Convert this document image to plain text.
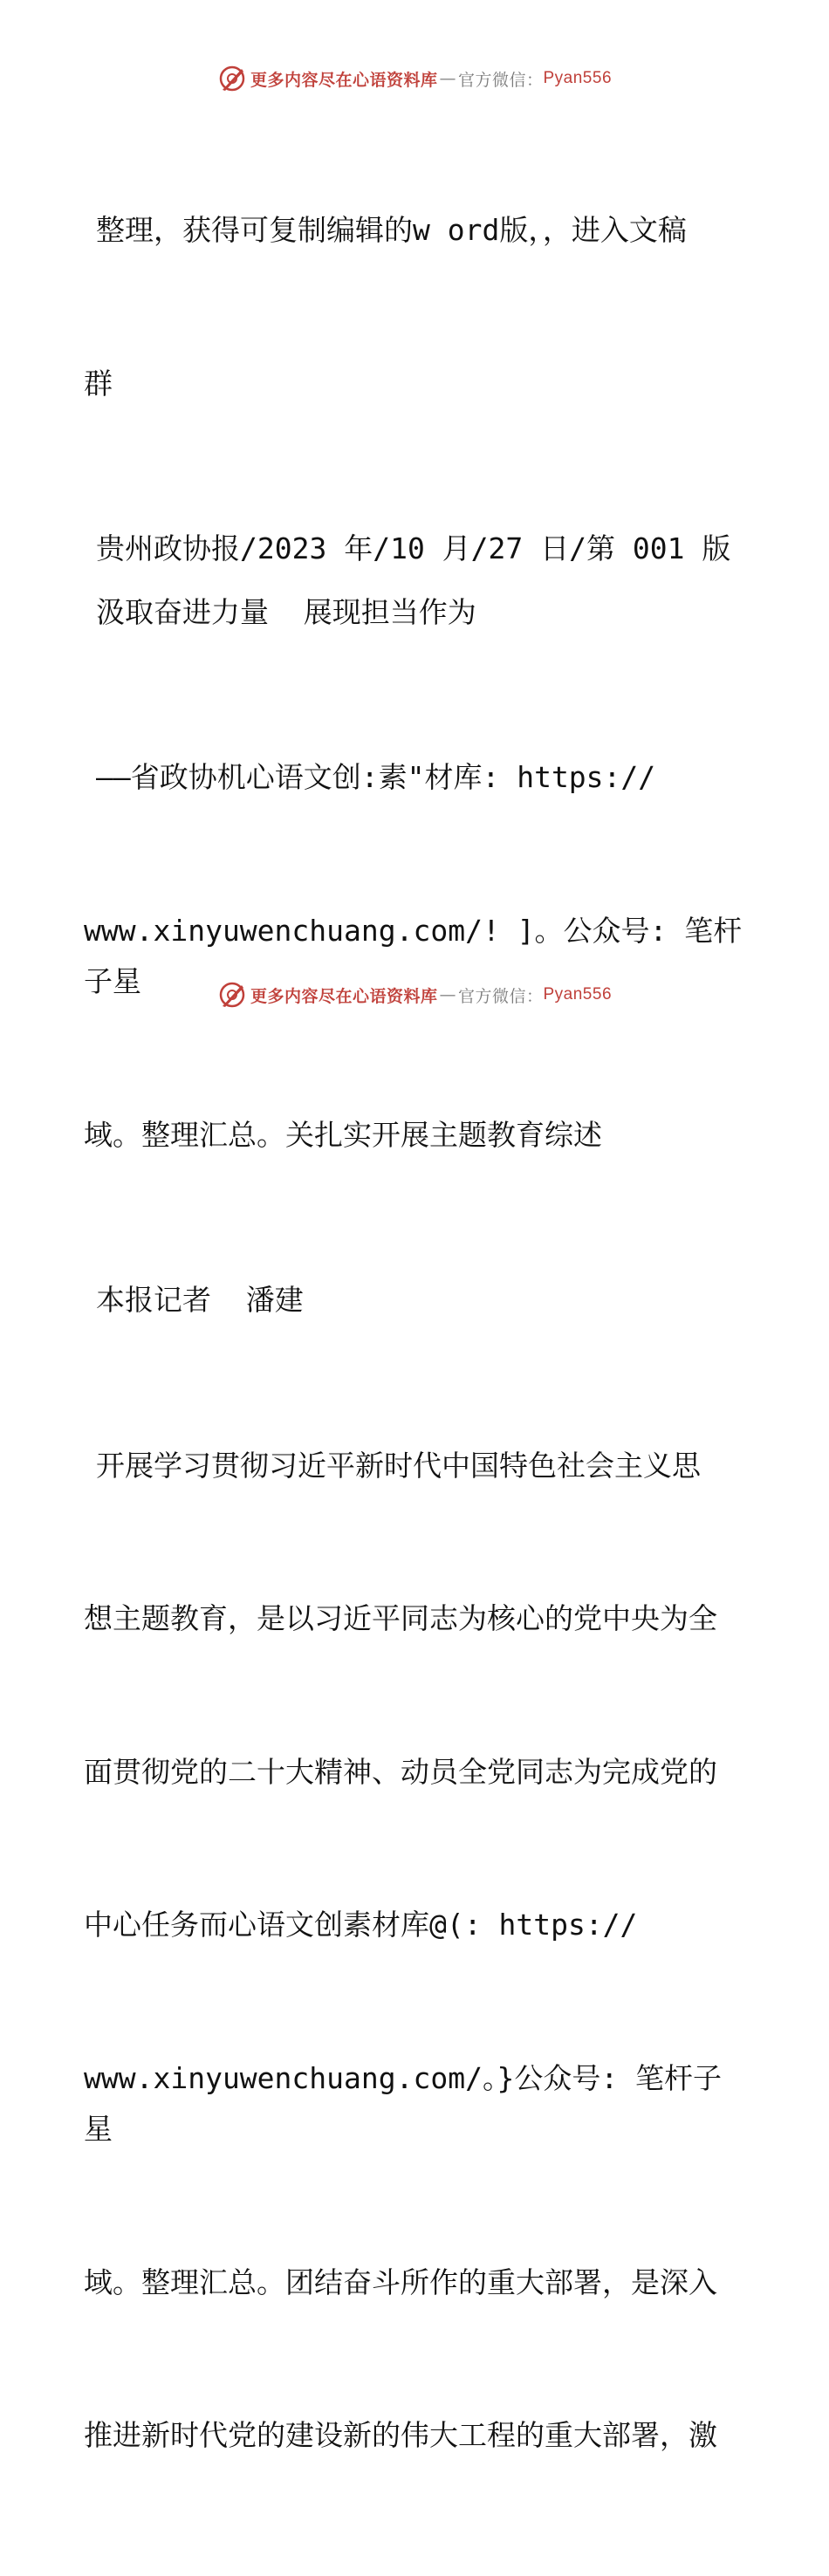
更多内容尽在心语资料库 — 官方微信： Pyan556

整理，获得可复制编辑的w ord版，，进入文稿

群

贵州政协报/2023 年/10 月/27 日/第 001 版
汲取奋进力量  展现担当作为

——省政协机心语文创:素"材库: https://

www.xinyuwenchuang.com/! ]。公众号: 笔杆子星

域。整理汇总。关扎实开展主题教育综述

本报记者  潘建

开展学习贯彻习近平新时代中国特色社会主义思

想主题教育，是以习近平同志为核心的党中央为全

面贯彻党的二十大精神、动员全党同志为完成党的

中心任务而心语文创素材库@(: https://

www.xinyuwenchuang.com/。}公众号: 笔杆子星

域。整理汇总。团结奋斗所作的重大部署，是深入

推进新时代党的建设新的伟大工程的重大部署，激

更多内容尽在心语资料库 — 官方微信： Pyan556
